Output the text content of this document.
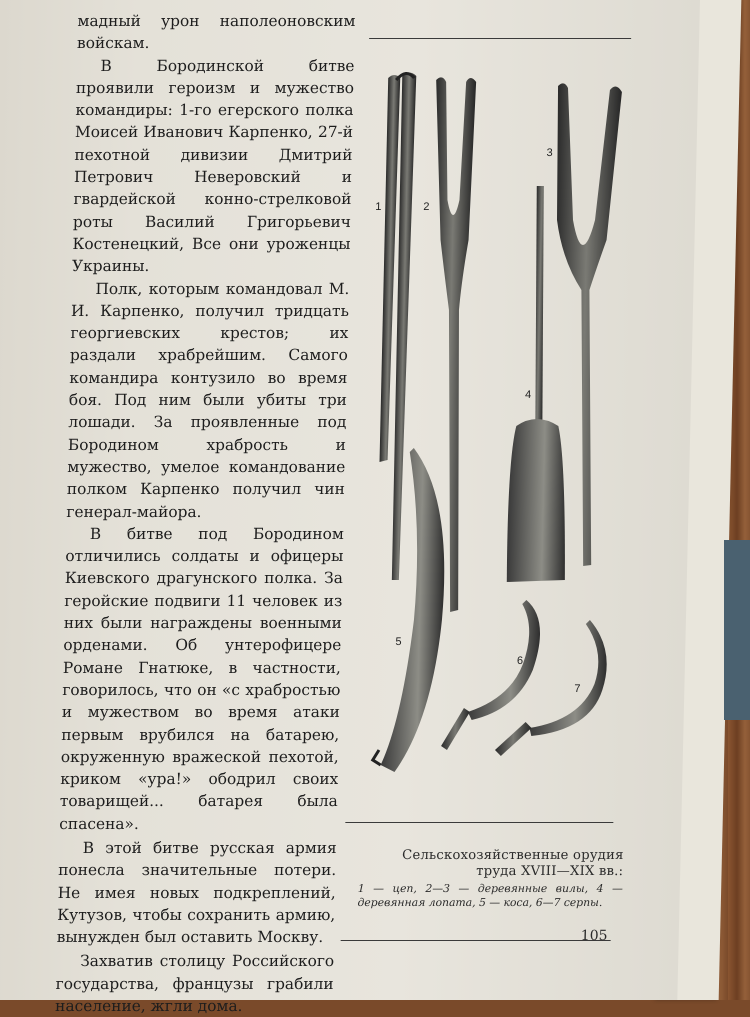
мадный урон наполеоновским войскам.

В Бородинской битве проявили героизм и мужество командиры: 1-го егерского полка Моисей Иванович Карпенко, 27-й пехотной дивизии Дмитрий Петрович Неверовский и гвардейской конно-стрелковой роты Василий Григорьевич Костенецкий, Все они уроженцы Украины.

Полк, которым командовал М. И. Карпенко, получил тридцать георгиевских крестов; их раздали храбрейшим. Самого командира контузило во время боя. Под ним были убиты три лошади. За проявленные под Бородином храбрость и мужество, умелое командование полком Карпенко получил чин генерал-майора.

В битве под Бородином отличились солдаты и офицеры Киевского драгунского полка. За геройские подвиги 11 человек из них были награждены военными орденами. Об унтерофицере Романе Гнатюке, в частности, говорилось, что он «с храбростью и мужеством во время атаки первым врубился на батарею, окруженную вражеской пехотой, криком «ура!» ободрил своих товарищей... батарея была спасена».

В этой битве русская армия понесла значительные потери. Не имея новых подкреплений, Кутузов, чтобы сохранить армию, вынужден был оставить Москву.

Захватив столицу Российского государства, французы грабили население, жгли дома.

1	2
3
4
5
6
7
Сельскохозяйственные орудия труда XVIII—XIX вв.:
1 — цеп, 2—3 — деревянные вилы, 4 — деревянная лопата, 5 — коса, 6—7 серпы.
105
